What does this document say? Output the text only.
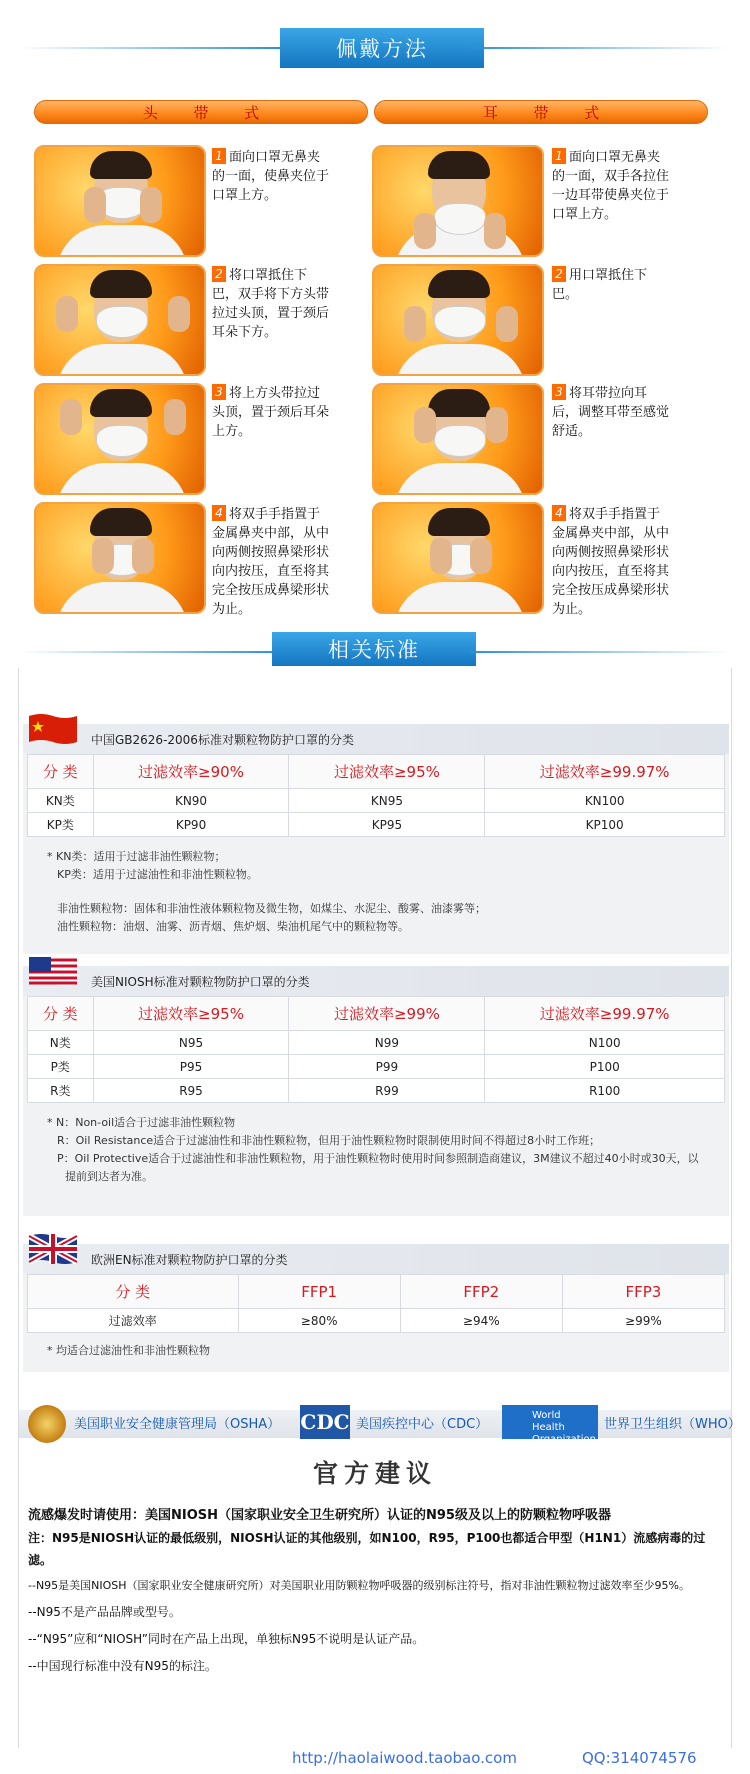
佩戴方法
头 带 式	耳 带 式
1 面向口罩无鼻夹的一面，使鼻夹位于口罩上方。
2 将口罩抵住下巴，双手将下方头带拉过头顶，置于颈后耳朵下方。
3 将上方头带拉过头顶，置于颈后耳朵上方。
4 将双手手指置于金属鼻夹中部，从中向两侧按照鼻梁形状向内按压，直至将其完全按压成鼻梁形状为止。
1 面向口罩无鼻夹的一面，双手各拉住一边耳带使鼻夹位于口罩上方。
2 用口罩抵住下巴。
3 将耳带拉向耳后，调整耳带至感觉舒适。
4 将双手手指置于金属鼻夹中部，从中向两侧按照鼻梁形状向内按压，直至将其完全按压成鼻梁形状为止。
相关标准
中国GB2626-2006标准对颗粒物防护口罩的分类
分 类	过滤效率≥90%	过滤效率≥95%	过滤效率≥99.97%
KN类	KN90	KN95	KN100
KP类	KP90	KP95	KP100
* KN类：适用于过滤非油性颗粒物；
KP类：适用于过滤油性和非油性颗粒物。
非油性颗粒物：固体和非油性液体颗粒物及微生物，如煤尘、水泥尘、酸雾、油漆雾等；
油性颗粒物：油烟、油雾、沥青烟、焦炉烟、柴油机尾气中的颗粒物等。
美国NIOSH标准对颗粒物防护口罩的分类
分 类	过滤效率≥95%	过滤效率≥99%	过滤效率≥99.97%
N类	N95	N99	N100
P类	P95	P99	P100
R类	R95	R99	R100
* N：Non-oil适合于过滤非油性颗粒物
R：Oil Resistance适合于过滤油性和非油性颗粒物，但用于油性颗粒物时限制使用时间不得超过8小时工作班；
P：Oil Protective适合于过滤油性和非油性颗粒物，用于油性颗粒物时使用时间参照制造商建议，3M建议不超过40小时或30天，以
提前到达者为准。
欧洲EN标准对颗粒物防护口罩的分类
分 类	FFP1	FFP2	FFP3
过滤效率	≥80%	≥94%	≥99%
* 均适合过滤油性和非油性颗粒物
美国职业安全健康管理局（OSHA） CDC 美国疾控中心（CDC）
World Health Organization
世界卫生组织（WHO）
官方建议
流感爆发时请使用：美国NIOSH（国家职业安全卫生研究所）认证的N95级及以上的防颗粒物呼吸器
注：N95是NIOSH认证的最低级别，NIOSH认证的其他级别，如N100，R95，P100也都适合甲型（H1N1）流感病毒的过滤。
--N95是美国NIOSH（国家职业安全健康研究所）对美国职业用防颗粒物呼吸器的级别标注符号，指对非油性颗粒物过滤效率至少95%。
--N95不是产品品牌或型号。
--“N95”应和“NIOSH”同时在产品上出现，单独标N95不说明是认证产品。
--中国现行标准中没有N95的标注。
http://haolaiwood.taobao.com	QQ:314074576
